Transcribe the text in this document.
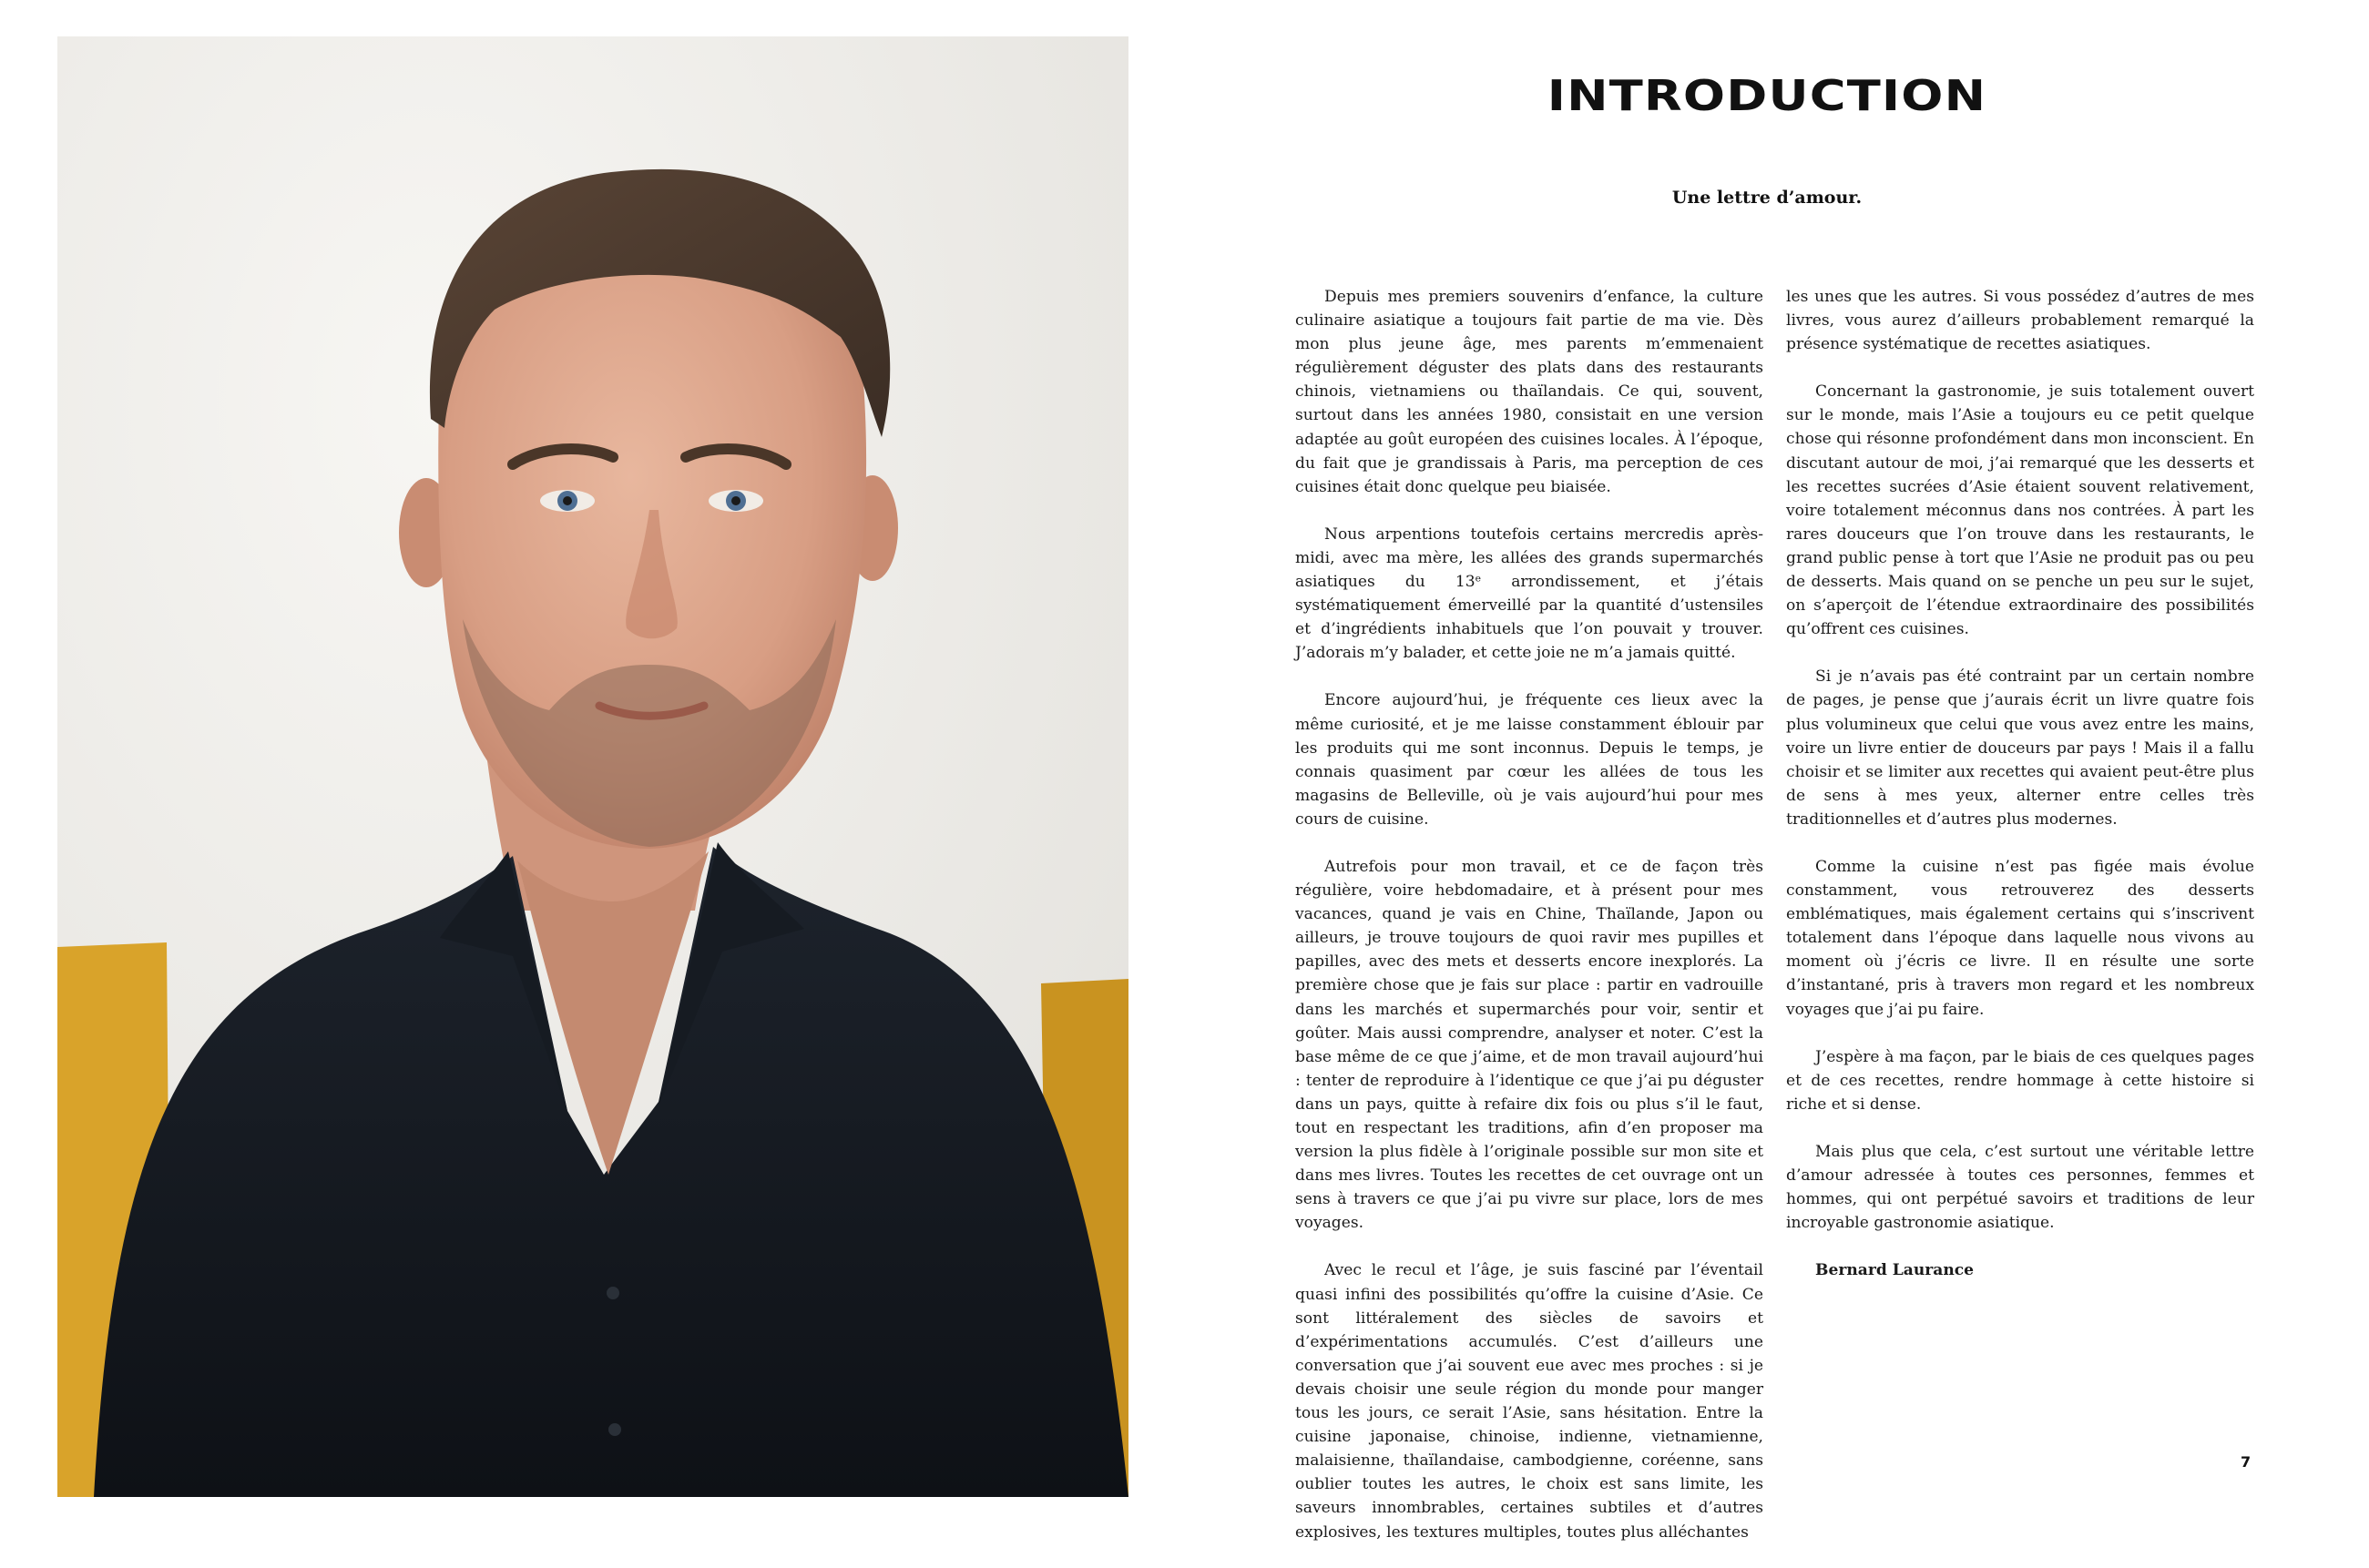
INTRODUCTION
Une lettre d’amour.

Depuis mes premiers souvenirs d’enfance, la culture culinaire asiatique a toujours fait partie de ma vie. Dès mon plus jeune âge, mes parents m’emmenaient régulièrement déguster des plats dans des restaurants chinois, vietnamiens ou thaïlandais. Ce qui, souvent, surtout dans les années 1980, consistait en une version adaptée au goût européen des cuisines locales. À l’époque, du fait que je grandissais à Paris, ma perception de ces cuisines était donc quelque peu biaisée.

Nous arpentions toutefois certains mercredis après-midi, avec ma mère, les allées des grands supermarchés asiatiques du 13ᵉ arrondissement, et j’étais systématiquement émerveillé par la quantité d’ustensiles et d’ingrédients inhabituels que l’on pouvait y trouver. J’adorais m’y balader, et cette joie ne m’a jamais quitté.

Encore aujourd’hui, je fréquente ces lieux avec la même curiosité, et je me laisse constamment éblouir par les produits qui me sont inconnus. Depuis le temps, je connais quasiment par cœur les allées de tous les magasins de Belleville, où je vais aujourd’hui pour mes cours de cuisine.

Autrefois pour mon travail, et ce de façon très régulière, voire hebdomadaire, et à présent pour mes vacances, quand je vais en Chine, Thaïlande, Japon ou ailleurs, je trouve toujours de quoi ravir mes pupilles et papilles, avec des mets et desserts encore inexplorés. La première chose que je fais sur place : partir en vadrouille dans les marchés et supermarchés pour voir, sentir et goûter. Mais aussi comprendre, analyser et noter. C’est la base même de ce que j’aime, et de mon travail aujourd’hui : tenter de reproduire à l’identique ce que j’ai pu déguster dans un pays, quitte à refaire dix fois ou plus s’il le faut, tout en respectant les traditions, afin d’en proposer ma version la plus fidèle à l’originale possible sur mon site et dans mes livres. Toutes les recettes de cet ouvrage ont un sens à travers ce que j’ai pu vivre sur place, lors de mes voyages.

Avec le recul et l’âge, je suis fasciné par l’éventail quasi infini des possibilités qu’offre la cuisine d’Asie. Ce sont littéralement des siècles de savoirs et d’expérimentations accumulés. C’est d’ailleurs une conversation que j’ai souvent eue avec mes proches : si je devais choisir une seule région du monde pour manger tous les jours, ce serait l’Asie, sans hésitation. Entre la cuisine japonaise, chinoise, indienne, vietnamienne, malaisienne, thaïlandaise, cambodgienne, coréenne, sans oublier toutes les autres, le choix est sans limite, les saveurs innombrables, certaines subtiles et d’autres explosives, les textures multiples, toutes plus alléchantes

les unes que les autres. Si vous possédez d’autres de mes livres, vous aurez d’ailleurs probablement remarqué la présence systématique de recettes asiatiques.

Concernant la gastronomie, je suis totalement ouvert sur le monde, mais l’Asie a toujours eu ce petit quelque chose qui résonne profondément dans mon inconscient. En discutant autour de moi, j’ai remarqué que les desserts et les recettes sucrées d’Asie étaient souvent relativement, voire totalement méconnus dans nos contrées. À part les rares douceurs que l’on trouve dans les restaurants, le grand public pense à tort que l’Asie ne produit pas ou peu de desserts. Mais quand on se penche un peu sur le sujet, on s’aperçoit de l’étendue extraordinaire des possibilités qu’offrent ces cuisines.

Si je n’avais pas été contraint par un certain nombre de pages, je pense que j’aurais écrit un livre quatre fois plus volumineux que celui que vous avez entre les mains, voire un livre entier de douceurs par pays ! Mais il a fallu choisir et se limiter aux recettes qui avaient peut-être plus de sens à mes yeux, alterner entre celles très traditionnelles et d’autres plus modernes.

Comme la cuisine n’est pas figée mais évolue constamment, vous retrouverez des desserts emblématiques, mais également certains qui s’inscrivent totalement dans l’époque dans laquelle nous vivons au moment où j’écris ce livre. Il en résulte une sorte d’instantané, pris à travers mon regard et les nombreux voyages que j’ai pu faire.

J’espère à ma façon, par le biais de ces quelques pages et de ces recettes, rendre hommage à cette histoire si riche et si dense.

Mais plus que cela, c’est surtout une véritable lettre d’amour adressée à toutes ces personnes, femmes et hommes, qui ont perpétué savoirs et traditions de leur incroyable gastronomie asiatique.

Bernard Laurance

7
